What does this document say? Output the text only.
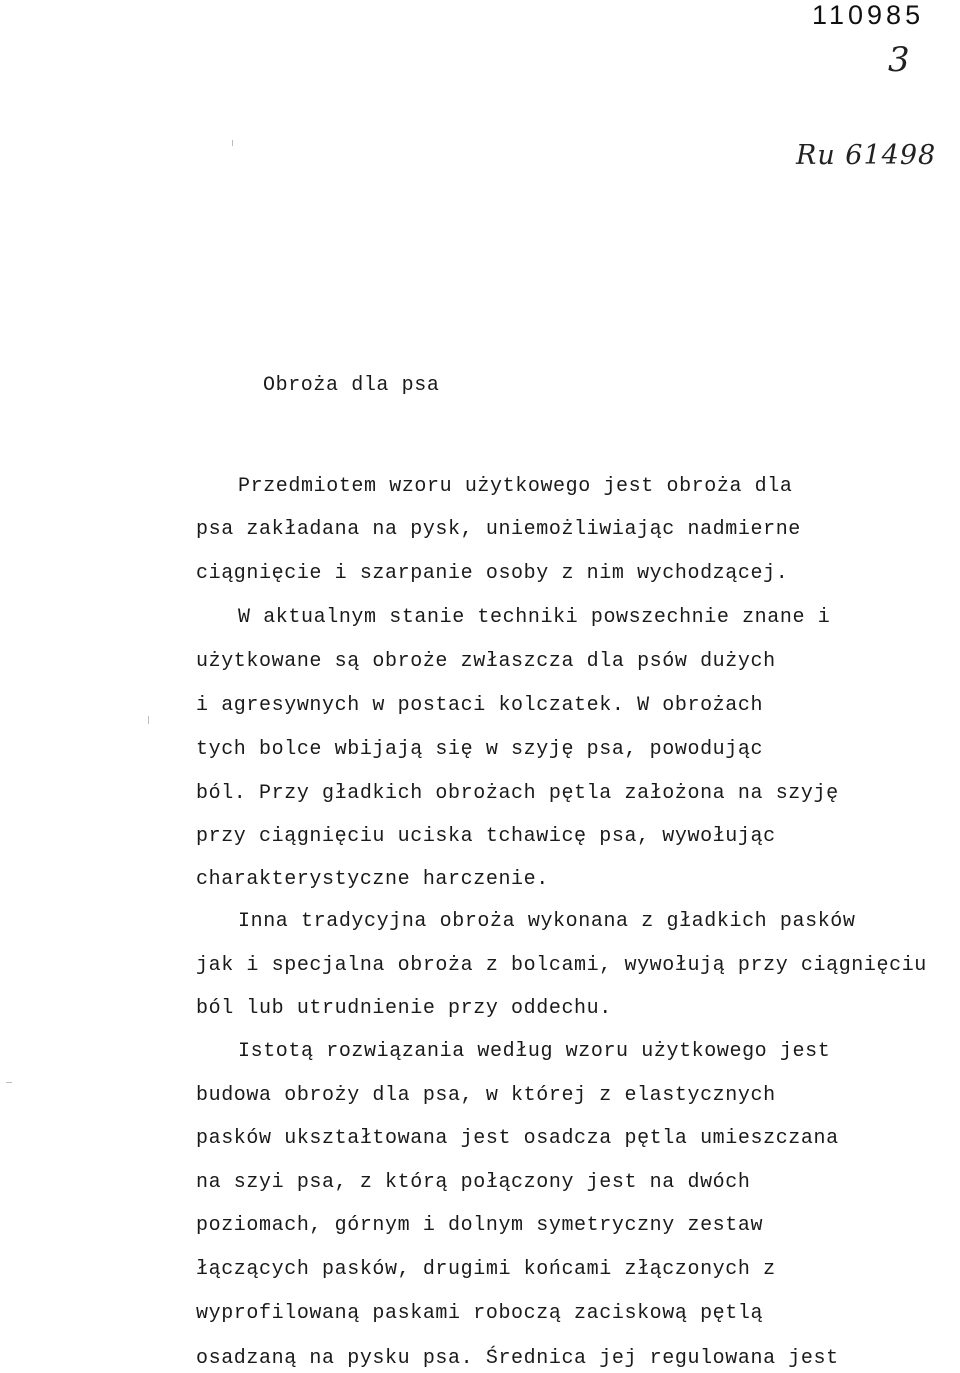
110985
3
Ru 61498
Obroża dla psa
Przedmiotem wzoru użytkowego jest obroża dla
psa zakładana na pysk, uniemożliwiając nadmierne
ciągnięcie i szarpanie osoby z nim wychodzącej.
W aktualnym stanie techniki powszechnie znane i
użytkowane są obroże zwłaszcza dla psów dużych
i agresywnych w postaci kolczatek. W obrożach
tych bolce wbijają się w szyję psa, powodując
ból. Przy gładkich obrożach pętla założona na szyję
przy ciągnięciu uciska tchawicę psa, wywołując
charakterystyczne harczenie.
Inna tradycyjna obroża wykonana z gładkich pasków
jak i specjalna obroża z bolcami, wywołują przy ciągnięciu
ból lub utrudnienie przy oddechu.
Istotą rozwiązania według wzoru użytkowego jest
budowa obroży dla psa, w której z elastycznych
pasków ukształtowana jest osadcza pętla umieszczana
na szyi psa, z którą połączony jest na dwóch
poziomach, górnym i dolnym symetryczny zestaw
łączących pasków, drugimi końcami złączonych z
wyprofilowaną paskami roboczą zaciskową pętlą
osadzaną na pysku psa. Średnica jej regulowana jest
